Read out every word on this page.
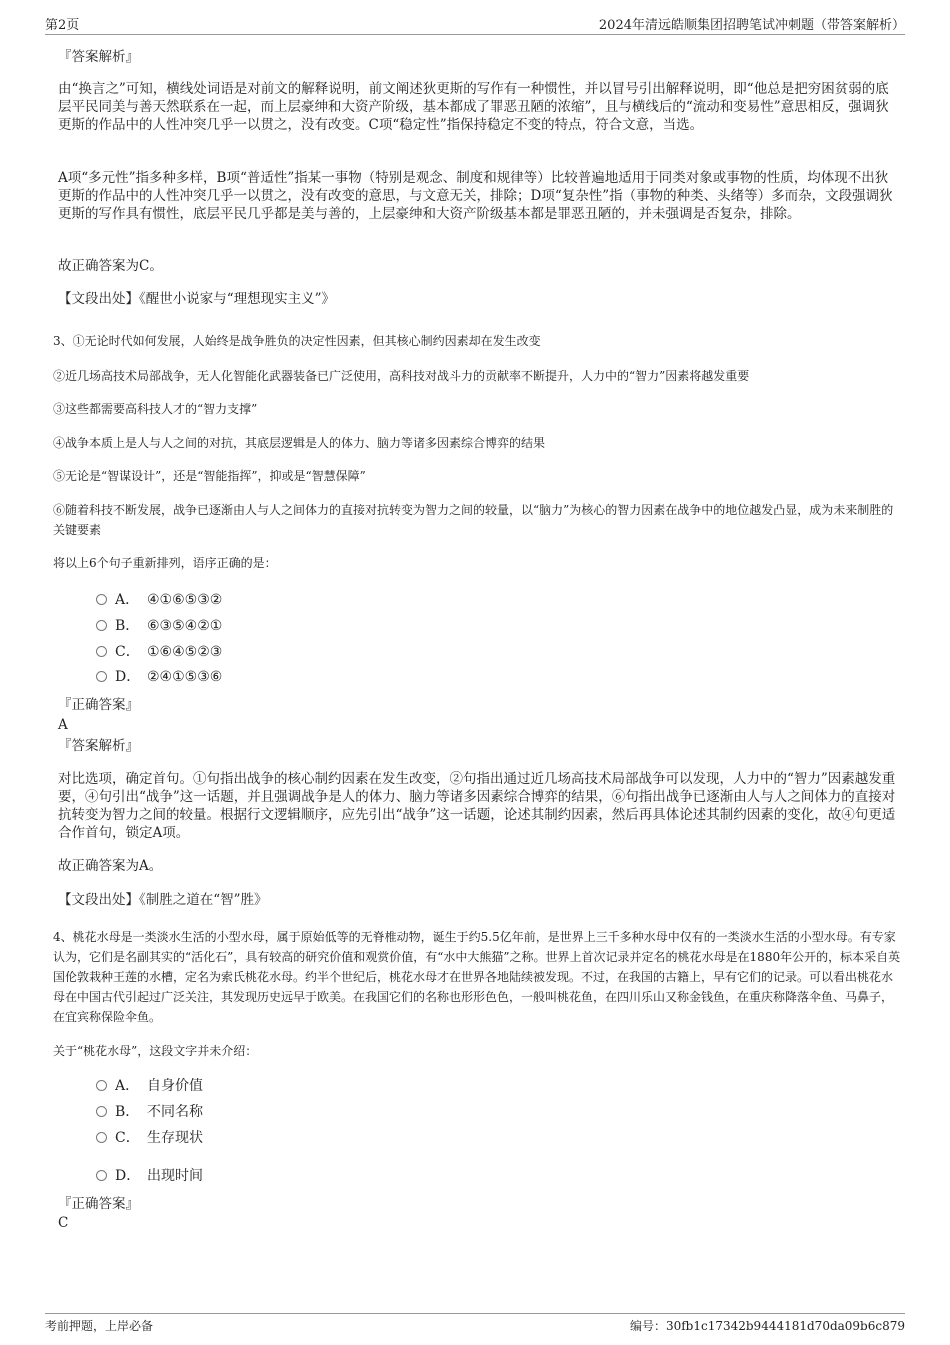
第2页	2024年清远皓顺集团招聘笔试冲刺题（带答案解析）
『答案解析』
由“换言之”可知，横线处词语是对前文的解释说明，前文阐述狄更斯的写作有一种惯性，并以冒号引出解释说明，即“他总是把穷困贫弱的底层平民同美与善天然联系在一起，而上层豪绅和大资产阶级，基本都成了罪恶丑陋的浓缩”，且与横线后的“流动和变易性”意思相反，强调狄更斯的作品中的人性冲突几乎一以贯之，没有改变。C项“稳定性”指保持稳定不变的特点，符合文意，当选。
A项“多元性”指多种多样，B项“普适性”指某一事物（特别是观念、制度和规律等）比较普遍地适用于同类对象或事物的性质，均体现不出狄更斯的作品中的人性冲突几乎一以贯之，没有改变的意思，与文意无关，排除；D项“复杂性”指（事物的种类、头绪等）多而杂，文段强调狄更斯的写作具有惯性，底层平民几乎都是美与善的，上层豪绅和大资产阶级基本都是罪恶丑陋的，并未强调是否复杂，排除。
故正确答案为C。
【文段出处】《醒世小说家与“理想现实主义”》
3、①无论时代如何发展，人始终是战争胜负的决定性因素，但其核心制约因素却在发生改变
②近几场高技术局部战争，无人化智能化武器装备已广泛使用，高科技对战斗力的贡献率不断提升，人力中的“智力”因素将越发重要
③这些都需要高科技人才的“智力支撑”
④战争本质上是人与人之间的对抗，其底层逻辑是人的体力、脑力等诸多因素综合博弈的结果
⑤无论是“智谋设计”，还是“智能指挥”，抑或是“智慧保障”
⑥随着科技不断发展，战争已逐渐由人与人之间体力的直接对抗转变为智力之间的较量，以“脑力”为核心的智力因素在战争中的地位越发凸显，成为未来制胜的关键要素
将以上6个句子重新排列，语序正确的是：
A． ④①⑥⑤③②
B． ⑥③⑤④②①
C． ①⑥④⑤②③
D． ②④①⑤③⑥
『正确答案』
A
『答案解析』
对比选项，确定首句。①句指出战争的核心制约因素在发生改变，②句指出通过近几场高技术局部战争可以发现，人力中的“智力”因素越发重要，④句引出“战争”这一话题，并且强调战争是人的体力、脑力等诸多因素综合博弈的结果，⑥句指出战争已逐渐由人与人之间体力的直接对抗转变为智力之间的较量。根据行文逻辑顺序，应先引出“战争”这一话题，论述其制约因素，然后再具体论述其制约因素的变化，故④句更适合作首句，锁定A项。
故正确答案为A。
【文段出处】《制胜之道在“智”胜》
4、桃花水母是一类淡水生活的小型水母，属于原始低等的无脊椎动物，诞生于约5.5亿年前，是世界上三千多种水母中仅有的一类淡水生活的小型水母。有专家认为，它们是名副其实的“活化石”，具有较高的研究价值和观赏价值，有“水中大熊猫”之称。世界上首次记录并定名的桃花水母是在1880年公开的，标本采自英国伦敦栽种王莲的水槽，定名为索氏桃花水母。约半个世纪后，桃花水母才在世界各地陆续被发现。不过，在我国的古籍上，早有它们的记录。可以看出桃花水母在中国古代引起过广泛关注，其发现历史远早于欧美。在我国它们的名称也形形色色，一般叫桃花鱼，在四川乐山又称金钱鱼，在重庆称降落伞鱼、马鼻子，在宜宾称保险伞鱼。
关于“桃花水母”，这段文字并未介绍：
A． 自身价值
B． 不同名称
C． 生存现状
D． 出现时间
『正确答案』
C
考前押题，上岸必备	编号：30fb1c17342b9444181d70da09b6c879
